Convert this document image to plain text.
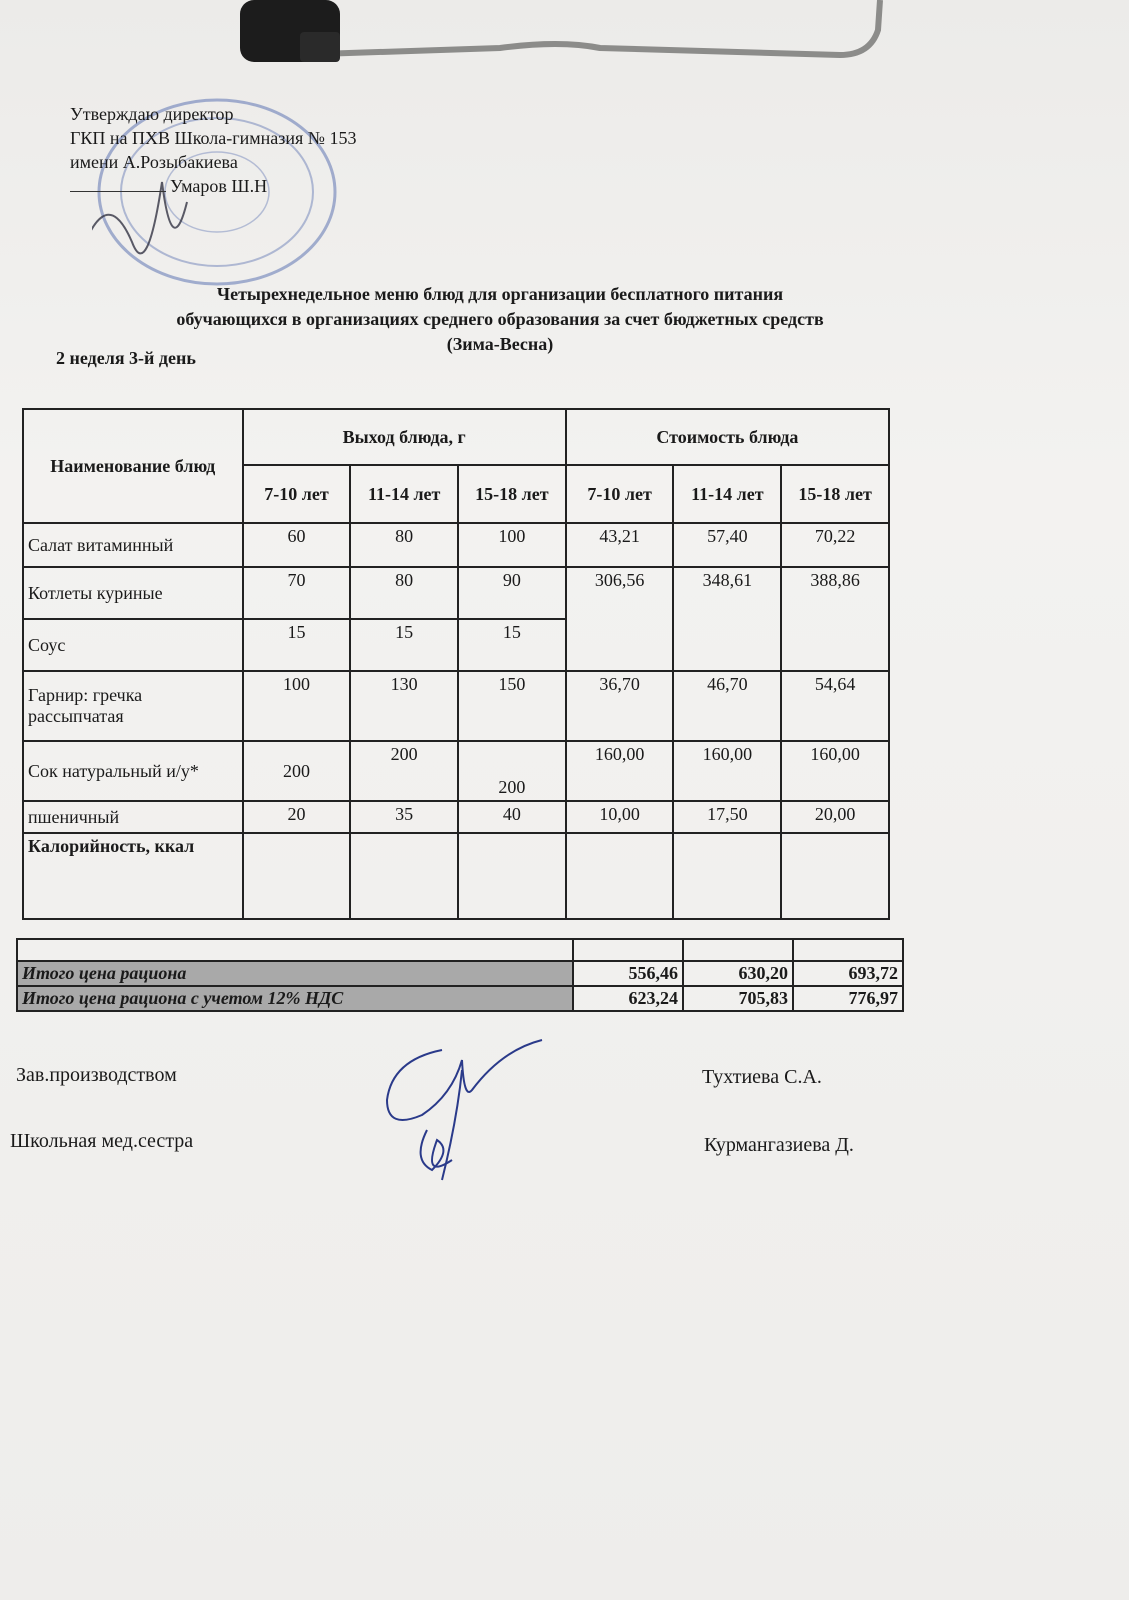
Утверждаю директор
ГКП на ПХВ Школа-гимназия № 153
имени А.Розыбакиева
Умаров Ш.Н
Четырехнедельное меню блюд для организации бесплатного питания
обучающихся в организациях среднего образования за счет бюджетных средств
(Зима-Весна)
2 неделя 3-й день
Наименование блюд	Выход блюда, г			Стоимость блюда		
	7-10 лет	11-14 лет	15-18 лет	7-10 лет	11-14 лет	15-18 лет
Салат витаминный	60	80	100	43,21	57,40	70,22
Котлеты куриные	70	80	90	306,56	348,61	388,86
Соус	15	15	15			
Гарнир: гречка рассыпчатая	100	130	150	36,70	46,70	54,64
Сок натуральный и/у*	200	200	200	160,00	160,00	160,00
пшеничный	20	35	40	10,00	17,50	20,00
Калорийность, ккал						

Итого цена рациона	556,46	630,20	693,72
Итого цена рациона с учетом 12% НДС	623,24	705,83	776,97
Зав.производством	Тухтиева С.А.
Школьная мед.сестра	Курмангазиева Д.
